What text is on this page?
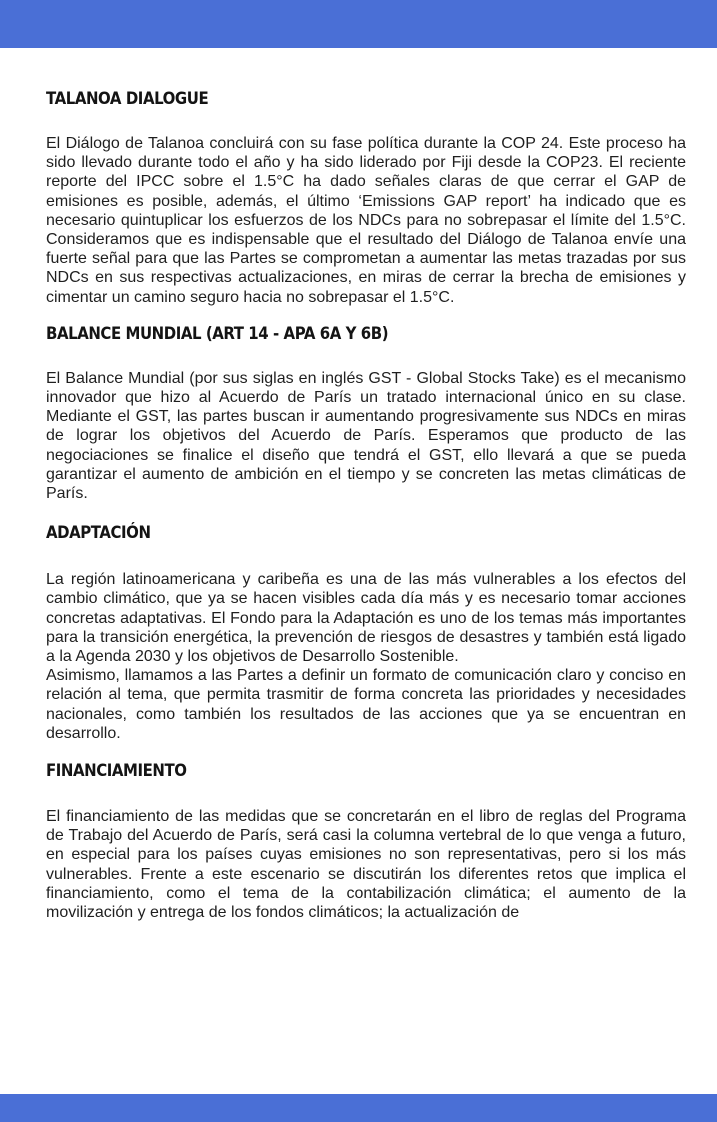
TALANOA DIALOGUE

El Diálogo de Talanoa concluirá con su fase política durante la COP 24. Este proceso ha sido llevado durante todo el año y ha sido liderado por Fiji desde la COP23. El reciente reporte del IPCC sobre el 1.5°C ha dado señales claras de que cerrar el GAP de emisiones es posible, además, el último ‘Emissions GAP report’ ha indicado que es necesario quintuplicar los esfuerzos de los NDCs para no sobrepasar el límite del 1.5°C. Consideramos que es indispensable que el resultado del Diálogo de Talanoa envíe una fuerte señal para que las Partes se comprometan a aumentar las metas trazadas por sus NDCs en sus respectivas actualizaciones, en miras de cerrar la brecha de emisiones y cimentar un camino seguro hacia no sobrepasar el 1.5°C.

BALANCE MUNDIAL (ART 14 - APA 6A Y 6B)

El Balance Mundial (por sus siglas en inglés GST - Global Stocks Take) es el mecanismo innovador que hizo al Acuerdo de París un tratado internacional único en su clase. Mediante el GST, las partes buscan ir aumentando progresivamente sus NDCs en miras de lograr los objetivos del Acuerdo de París. Esperamos que producto de las negociaciones se finalice el diseño que tendrá el GST, ello llevará a que se pueda garantizar el aumento de ambición en el tiempo y se concreten las metas climáticas de París.

ADAPTACIÓN

La región latinoamericana y caribeña es una de las más vulnerables a los efectos del cambio climático, que ya se hacen visibles cada día más y es necesario tomar acciones concretas adaptativas. El Fondo para la Adaptación es uno de los temas más importantes para la transición energética, la prevención de riesgos de desastres y también está ligado a la Agenda 2030 y los objetivos de Desarrollo Sostenible.

Asimismo, llamamos a las Partes a definir un formato de comunicación claro y conciso en relación al tema, que permita trasmitir de forma concreta las prioridades y necesidades nacionales, como también los resultados de las acciones que ya se encuentran en desarrollo.

FINANCIAMIENTO

El financiamiento de las medidas que se concretarán en el libro de reglas del Programa de Trabajo del Acuerdo de París, será casi la columna vertebral de lo que venga a futuro, en especial para los países cuyas emisiones no son representativas, pero si los más vulnerables. Frente a este escenario se discutirán los diferentes retos que implica el financiamiento, como el tema de la contabilización climática; el aumento de la movilización y entrega de los fondos climáticos; la actualización de
